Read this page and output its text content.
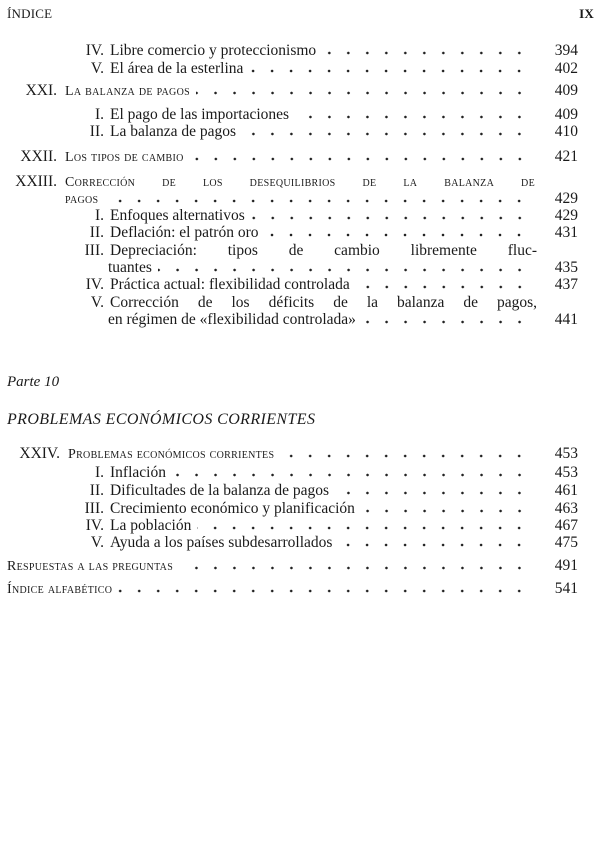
ÍNDICE	IX
IV. Libre comercio y proteccionismo	394
V. El área de la esterlina	402
XXI. La balanza de pagos	409
I. El pago de las importaciones	409
II. La balanza de pagos	410
XXII. Los tipos de cambio	421
XXIII. Corrección de los desequilibrios de la balanza de
pagos	429
I. Enfoques alternativos	429
II. Deflación: el patrón oro	431
III. Depreciación: tipos de cambio libremente fluc-
tuantes	435
IV. Práctica actual: flexibilidad controlada	437
V. Corrección de los déficits de la balanza de pagos,
en régimen de «flexibilidad controlada»	441
Parte 10
PROBLEMAS ECONÓMICOS CORRIENTES
XXIV. Problemas económicos corrientes	453
I. Inflación	453
II. Dificultades de la balanza de pagos	461
III. Crecimiento económico y planificación	463
IV. La población	467
V. Ayuda a los países subdesarrollados	475
Respuestas a las preguntas	491
Índice alfabético	541
